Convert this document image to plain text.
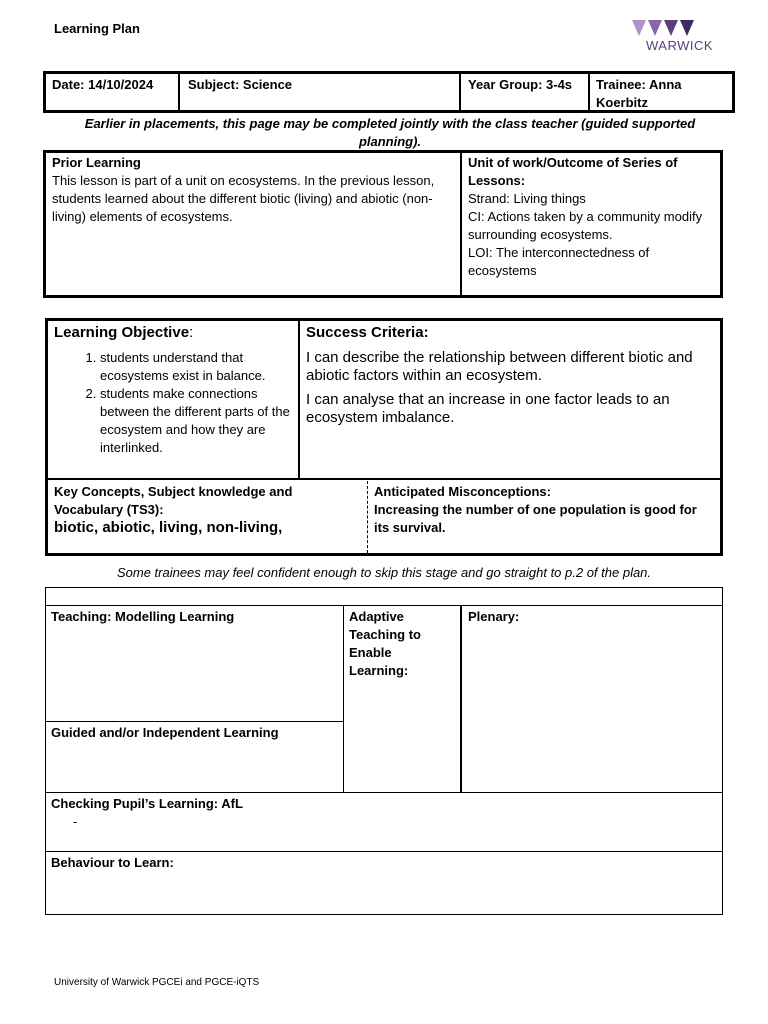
Learning Plan
WARWICK
Date: 14/10/2024	Subject: Science	Year Group: 3-4s	Trainee: Anna Koerbitz
Earlier in placements, this page may be completed jointly with the class teacher (guided supported planning).
Prior Learning
This lesson is part of a unit on ecosystems. In the previous lesson, students learned about the different biotic (living) and abiotic (non-living) elements of ecosystems.
Unit of work/Outcome of Series of Lessons:
Strand: Living things
CI: Actions taken by a community modify surrounding ecosystems.
LOI: The interconnectedness of ecosystems
Learning Objective:
1. students understand that ecosystems exist in balance.
2. students make connections between the different parts of the ecosystem and how they are interlinked.
Success Criteria:

I can describe the relationship between different biotic and abiotic factors within an ecosystem.

I can analyse that an increase in one factor leads to an ecosystem imbalance.

Key Concepts, Subject knowledge and Vocabulary (TS3):
biotic, abiotic, living, non-living,
Anticipated Misconceptions:
Increasing the number of one population is good for its survival.
Some trainees may feel confident enough to skip this stage and go straight to p.2 of the plan.
Teaching: Modelling Learning
Guided and/or Independent Learning
Adaptive Teaching to Enable Learning:
Plenary:
Checking Pupil’s Learning: AfL
-
Behaviour to Learn:
University of Warwick PGCEi and PGCE-iQTS
